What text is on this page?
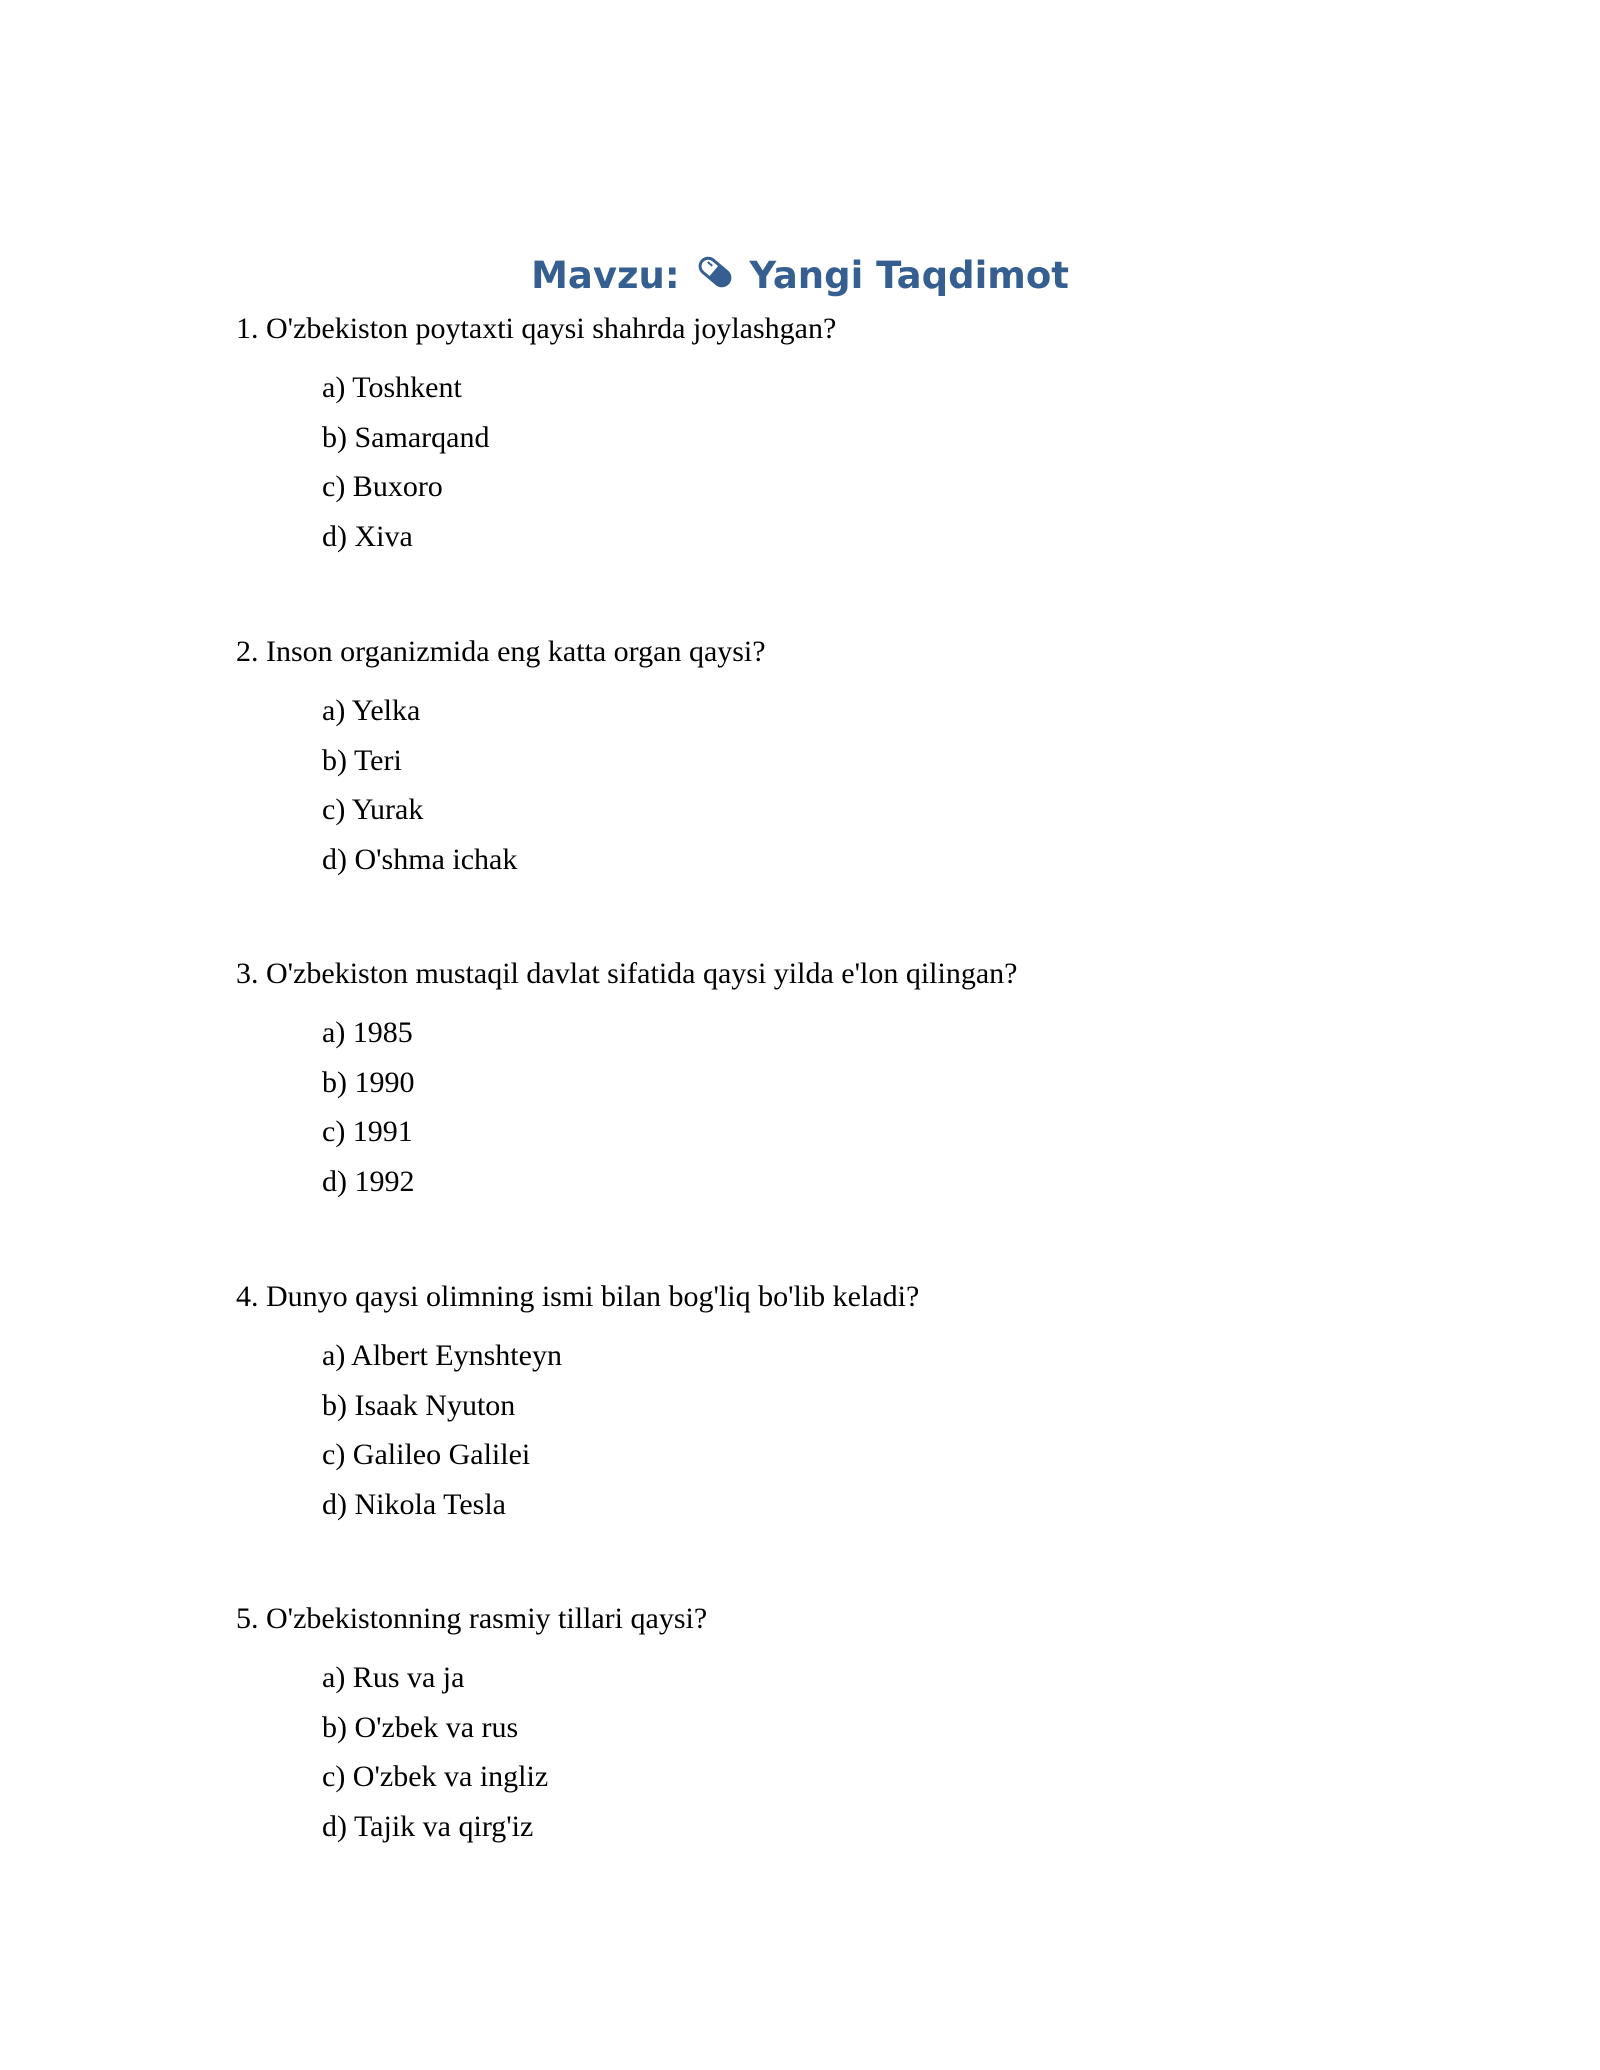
Mavzu: Yangi Taqdimot
1. O'zbekiston poytaxti qaysi shahrda joylashgan?
a) Toshkent
b) Samarqand
c) Buxoro
d) Xiva
2. Inson organizmida eng katta organ qaysi?
a) Yelka
b) Teri
c) Yurak
d) O'shma ichak
3. O'zbekiston mustaqil davlat sifatida qaysi yilda e'lon qilingan?
a) 1985
b) 1990
c) 1991
d) 1992
4. Dunyo qaysi olimning ismi bilan bog'liq bo'lib keladi?
a) Albert Eynshteyn
b) Isaak Nyuton
c) Galileo Galilei
d) Nikola Tesla
5. O'zbekistonning rasmiy tillari qaysi?
a) Rus va ja
b) O'zbek va rus
c) O'zbek va ingliz
d) Tajik va qirg'iz
